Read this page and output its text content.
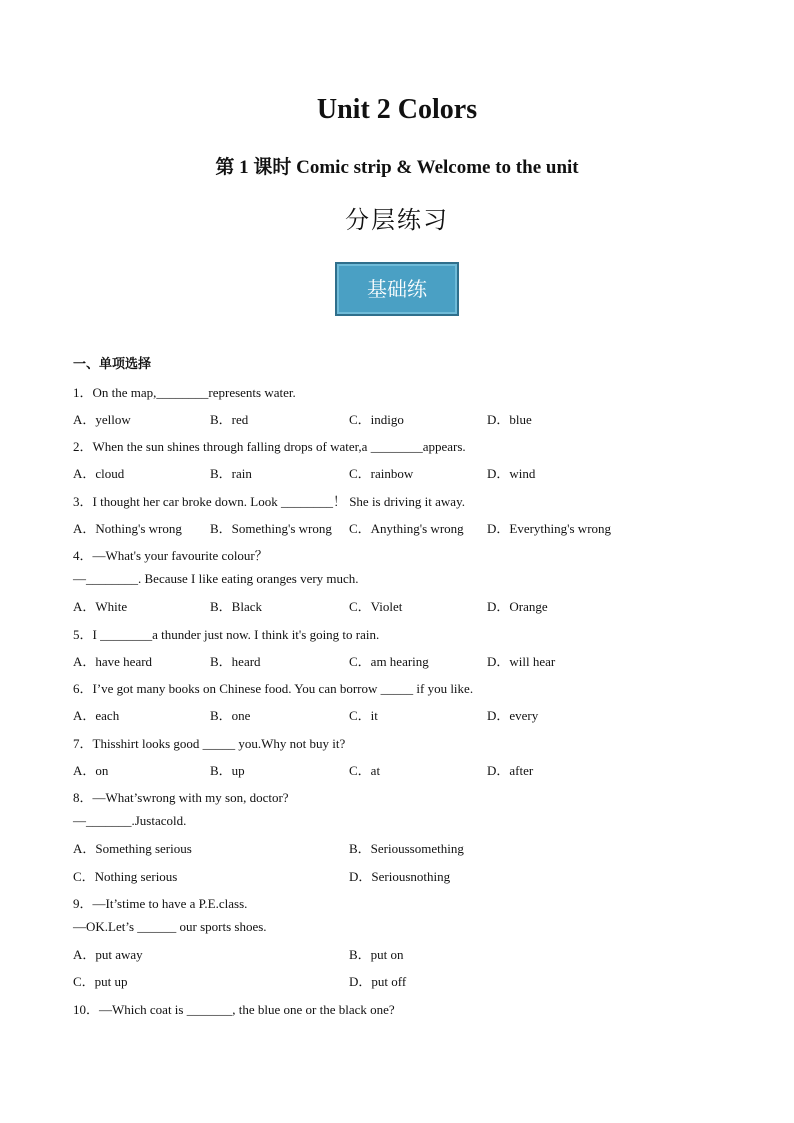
Unit 2 Colors
第 1 课时 Comic strip & Welcome to the unit
分层练习
基础练
一、单项选择
1．On the map,________represents water.
A．yellow	B．red	C．indigo	D．blue
2．When the sun shines through falling drops of water,a ________appears.
A．cloud	B．rain	C．rainbow	D．wind
3．I thought her car broke down. Look ________！ She is driving it away.
A．Nothing's wrong B．Something's wrong C．Anything's wrong D．Everything's wrong
4．—What's your favourite colour？
—________. Because I like eating oranges very much.
A．White	B．Black	C．Violet	D．Orange
5．I ________a thunder just now. I think it's going to rain.
A．have heard	B．heard	C．am hearing	D．will hear
6．I’ve got many books on Chinese food. You can borrow _____ if you like.
A．each	B．one	C．it	D．every
7．Thisshirt looks good _____ you.Why not buy it?
A．on	B．up	C．at	D．after
8．—What’swrong with my son, doctor?
—_______.Justacold.
A．Something serious	B．Serioussomething
C．Nothing serious	D．Seriousnothing
9．—It’stime to have a P.E.class.
—OK.Let’s ______ our sports shoes.
A．put away	B．put on
C．put up	D．put off
10．—Which coat is _______, the blue one or the black one?
